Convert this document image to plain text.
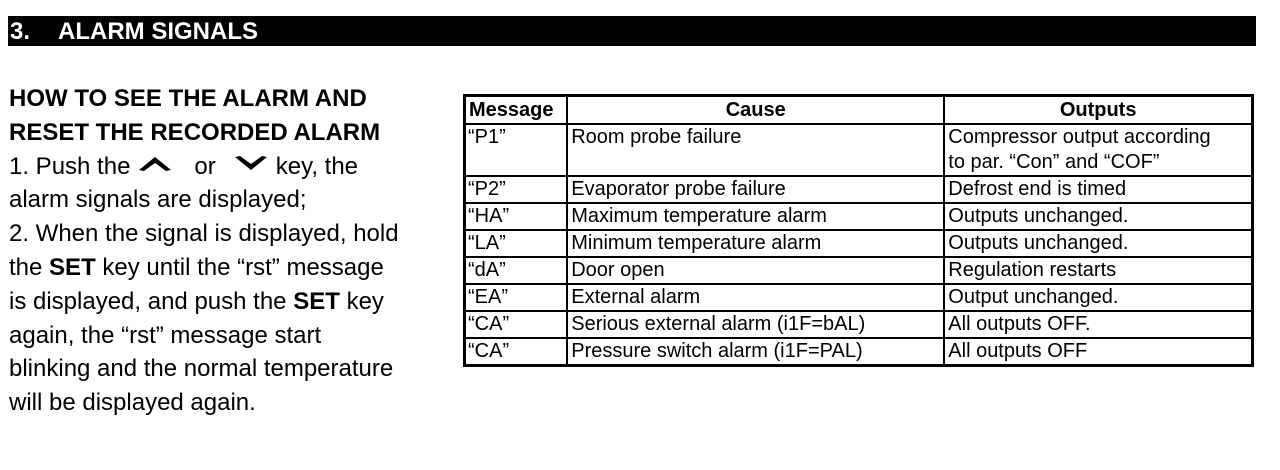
3. ALARM SIGNALS

HOW TO SEE THE ALARM AND

RESET THE RECORDED ALARM

1. Push the	or	key, the

alarm signals are displayed;

2. When the signal is displayed, hold

the SET key until the “rst” message

is displayed, and push the SET key

again, the “rst” message start

blinking and the normal temperature

will be displayed again.

Message	Cause	Outputs
“P1”	Room probe failure	Compressor output according
to par. “Con” and “COF”
“P2”	Evaporator probe failure	Defrost end is timed
“HA”	Maximum temperature alarm	Outputs unchanged.
“LA”	Minimum temperature alarm	Outputs unchanged.
“dA”	Door open	Regulation restarts
“EA”	External alarm	Output unchanged.
“CA”	Serious external alarm (i1F=bAL)	All outputs OFF.
“CA”	Pressure switch alarm (i1F=PAL)	All outputs OFF
